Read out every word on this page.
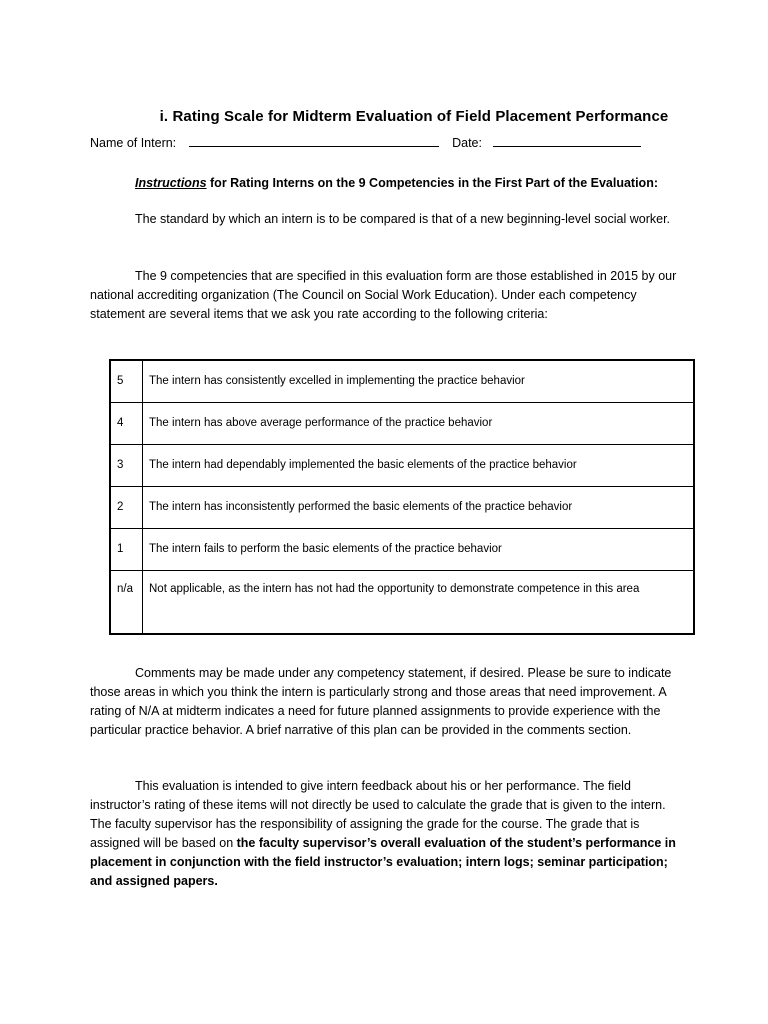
i. Rating Scale for Midterm Evaluation of Field Placement Performance
Name of Intern:	Date:
Instructions for Rating Interns on the 9 Competencies in the First Part of the Evaluation:
The standard by which an intern is to be compared is that of a new beginning-level social worker.
The 9 competencies that are specified in this evaluation form are those established in 2015 by our national accrediting organization (The Council on Social Work Education). Under each competency statement are several items that we ask you rate according to the following criteria:
5	The intern has consistently excelled in implementing the practice behavior
4	The intern has above average performance of the practice behavior
3	The intern had dependably implemented the basic elements of the practice behavior
2	The intern has inconsistently performed the basic elements of the practice behavior
1	The intern fails to perform the basic elements of the practice behavior
n/a	Not applicable, as the intern has not had the opportunity to demonstrate competence in this area
Comments may be made under any competency statement, if desired. Please be sure to indicate those areas in which you think the intern is particularly strong and those areas that need improvement. A rating of N/A at midterm indicates a need for future planned assignments to provide experience with the particular practice behavior. A brief narrative of this plan can be provided in the comments section.
This evaluation is intended to give intern feedback about his or her performance. The field instructor’s rating of these items will not directly be used to calculate the grade that is given to the intern. The faculty supervisor has the responsibility of assigning the grade for the course. The grade that is assigned will be based on the faculty supervisor’s overall evaluation of the student’s performance in placement in conjunction with the field instructor’s evaluation; intern logs; seminar participation; and assigned papers.
